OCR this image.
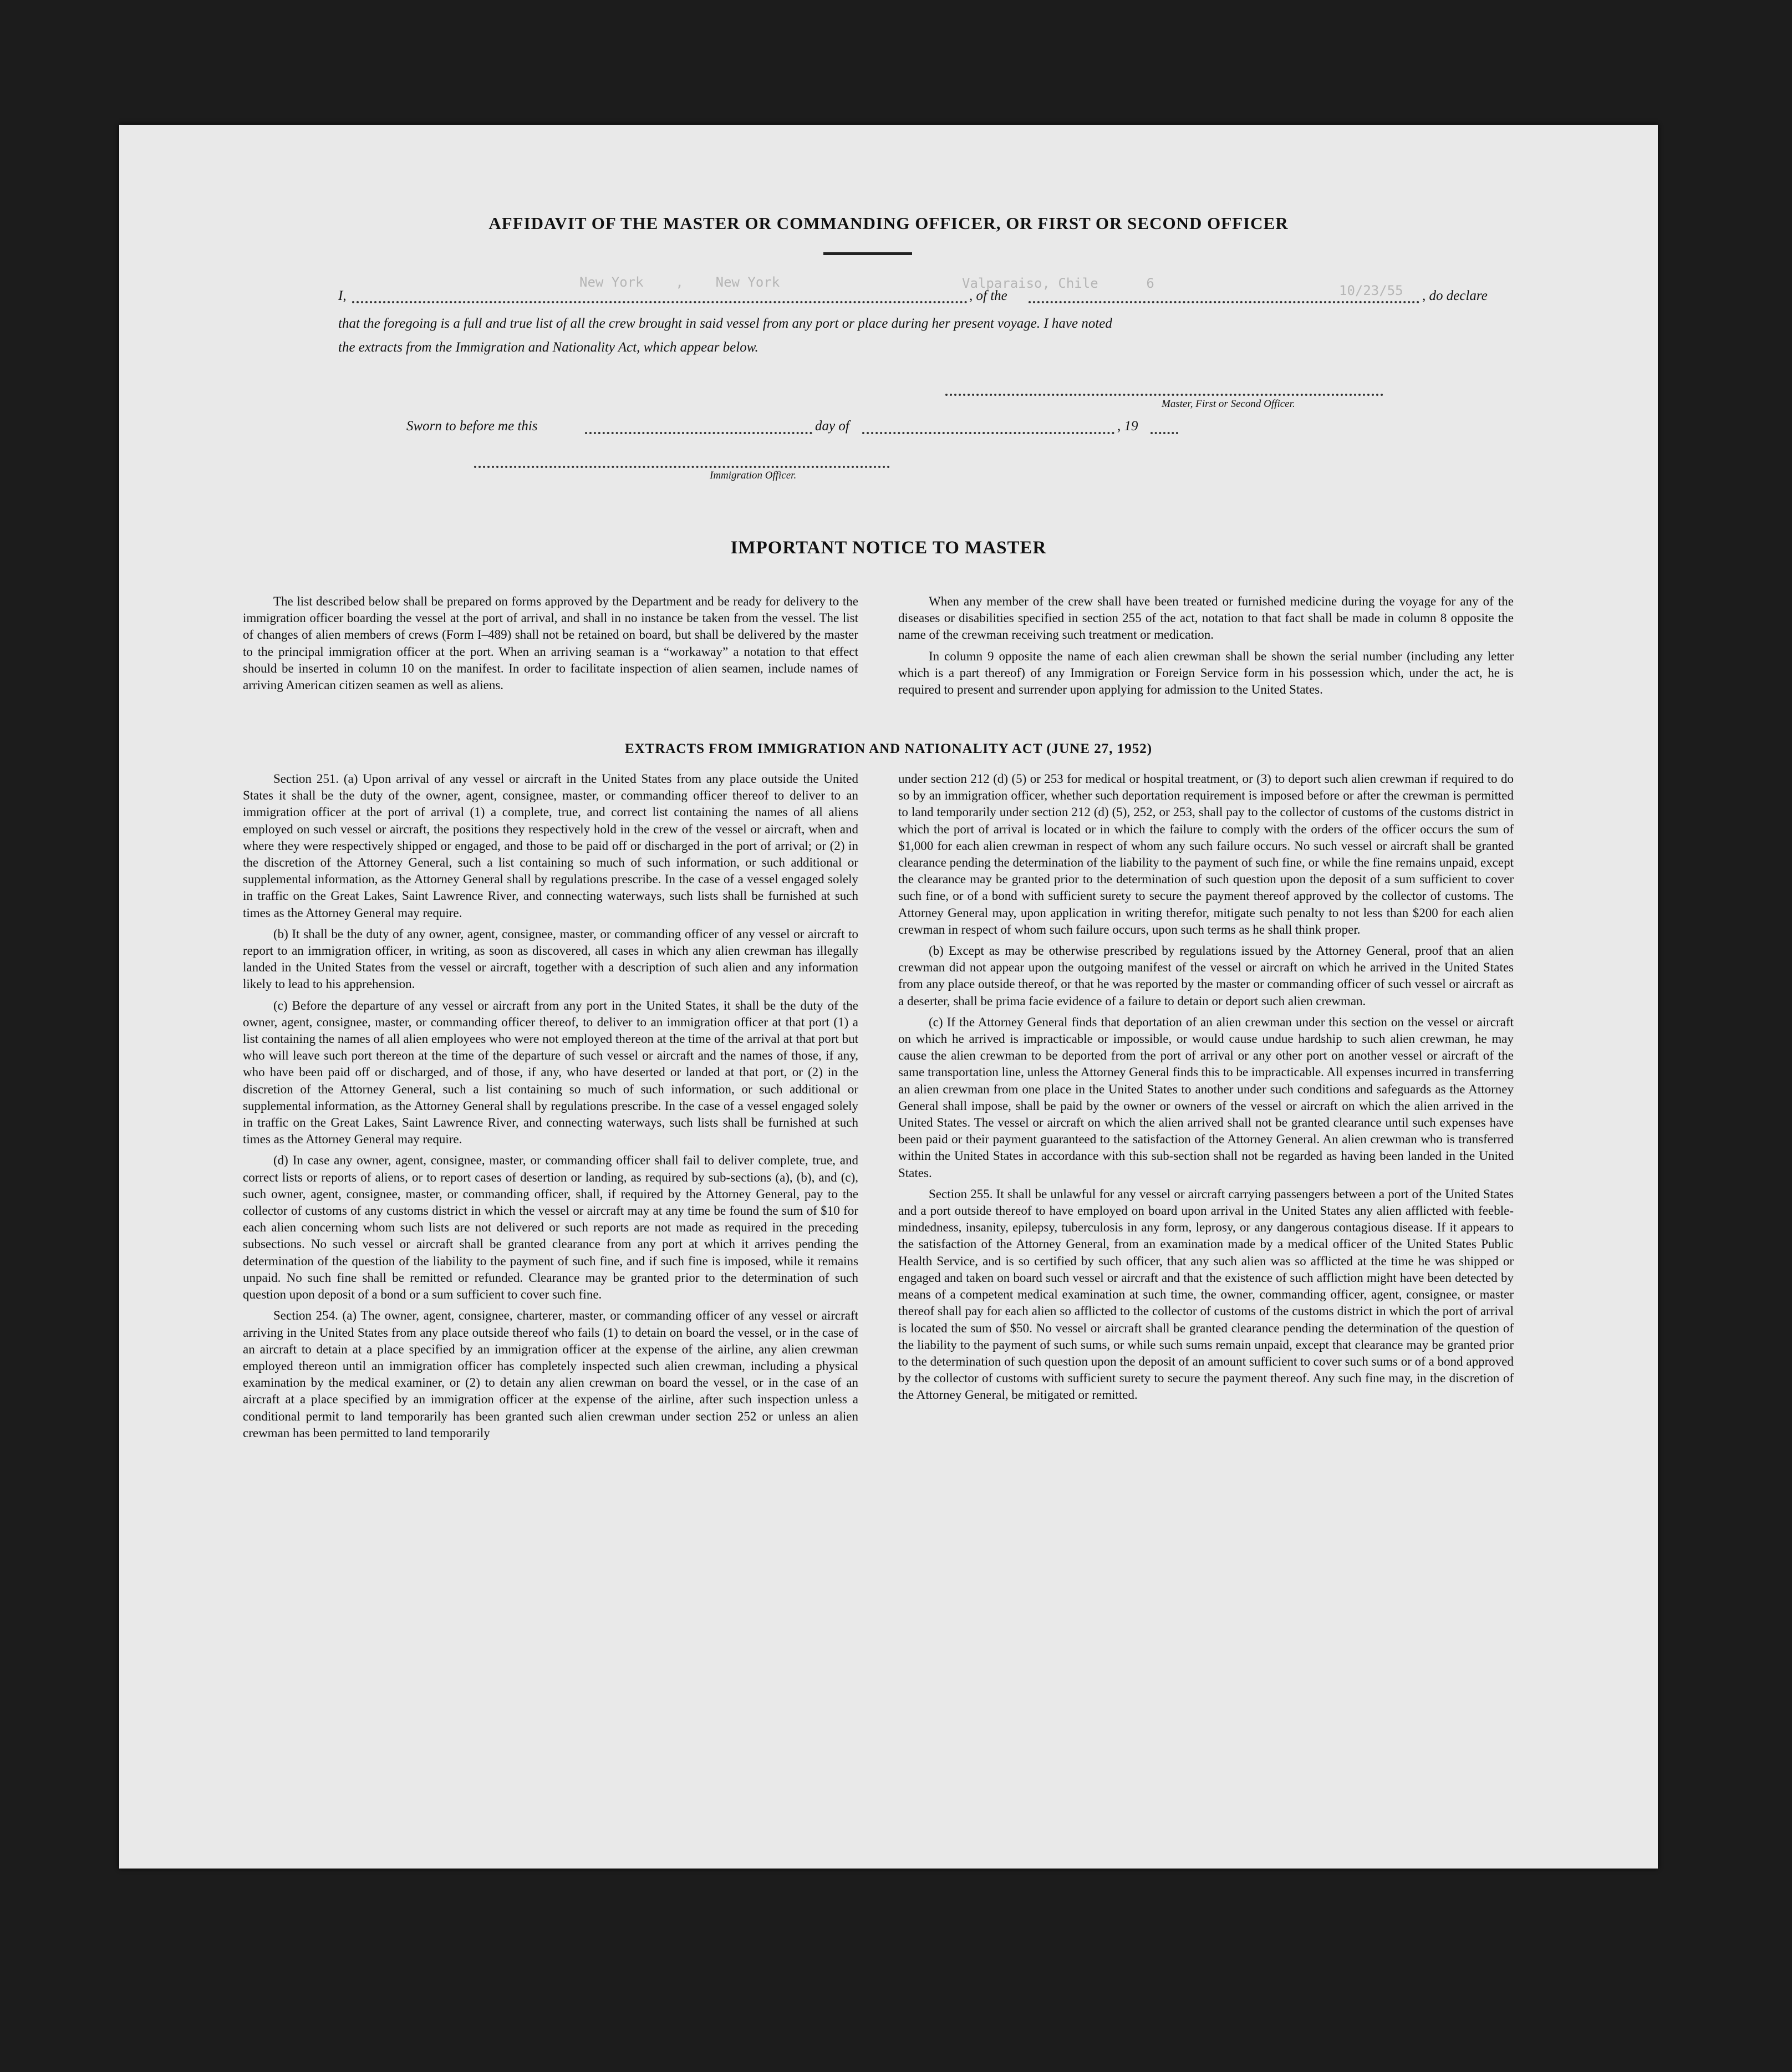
New York    ,    New York	Valparaiso, Chile      6	10/23/55
AFFIDAVIT OF THE MASTER OR COMMANDING OFFICER, OR FIRST OR SECOND OFFICER
I,	, of the	, do declare
that the foregoing is a full and true list of all the crew brought in said vessel from any port or place during her present voyage. I have noted
the extracts from the Immigration and Nationality Act, which appear below.
Master, First or Second Officer.
Sworn to before me this	day of	, 19
Immigration Officer.
IMPORTANT NOTICE TO MASTER

The list described below shall be prepared on forms approved by the Department and be ready for delivery to the immigration officer boarding the vessel at the port of arrival, and shall in no instance be taken from the vessel. The list of changes of alien members of crews (Form I–489) shall not be retained on board, but shall be delivered by the master to the principal immigration officer at the port. When an arriving seaman is a “workaway” a notation to that effect should be inserted in column 10 on the manifest. In order to facilitate inspection of alien seamen, include names of arriving American citizen seamen as well as aliens.

When any member of the crew shall have been treated or furnished medicine during the voyage for any of the diseases or disabilities specified in section 255 of the act, notation to that fact shall be made in column 8 opposite the name of the crewman receiving such treatment or medication.

In column 9 opposite the name of each alien crewman shall be shown the serial number (including any letter which is a part thereof) of any Immigration or Foreign Service form in his possession which, under the act, he is required to present and surrender upon applying for admission to the United States.

EXTRACTS FROM IMMIGRATION AND NATIONALITY ACT (JUNE 27, 1952)

Section 251. (a) Upon arrival of any vessel or aircraft in the United States from any place outside the United States it shall be the duty of the owner, agent, consignee, master, or commanding officer thereof to deliver to an immigration officer at the port of arrival (1) a complete, true, and correct list containing the names of all aliens employed on such vessel or aircraft, the positions they respectively hold in the crew of the vessel or aircraft, when and where they were respectively shipped or engaged, and those to be paid off or discharged in the port of arrival; or (2) in the discretion of the Attorney General, such a list containing so much of such information, or such additional or supplemental information, as the Attorney General shall by regulations prescribe. In the case of a vessel engaged solely in traffic on the Great Lakes, Saint Lawrence River, and connecting waterways, such lists shall be furnished at such times as the Attorney General may require.

(b) It shall be the duty of any owner, agent, consignee, master, or commanding officer of any vessel or aircraft to report to an immigration officer, in writing, as soon as discovered, all cases in which any alien crewman has illegally landed in the United States from the vessel or aircraft, together with a description of such alien and any information likely to lead to his apprehension.

(c) Before the departure of any vessel or aircraft from any port in the United States, it shall be the duty of the owner, agent, consignee, master, or commanding officer thereof, to deliver to an immigration officer at that port (1) a list containing the names of all alien employees who were not employed thereon at the time of the arrival at that port but who will leave such port thereon at the time of the departure of such vessel or aircraft and the names of those, if any, who have been paid off or discharged, and of those, if any, who have deserted or landed at that port, or (2) in the discretion of the Attorney General, such a list containing so much of such information, or such additional or supplemental information, as the Attorney General shall by regulations prescribe. In the case of a vessel engaged solely in traffic on the Great Lakes, Saint Lawrence River, and connecting waterways, such lists shall be furnished at such times as the Attorney General may require.

(d) In case any owner, agent, consignee, master, or commanding officer shall fail to deliver complete, true, and correct lists or reports of aliens, or to report cases of desertion or landing, as required by sub-sections (a), (b), and (c), such owner, agent, consignee, master, or commanding officer, shall, if required by the Attorney General, pay to the collector of customs of any customs district in which the vessel or aircraft may at any time be found the sum of $10 for each alien concerning whom such lists are not delivered or such reports are not made as required in the preceding subsections. No such vessel or aircraft shall be granted clearance from any port at which it arrives pending the determination of the question of the liability to the payment of such fine, and if such fine is imposed, while it remains unpaid. No such fine shall be remitted or refunded. Clearance may be granted prior to the determination of such question upon deposit of a bond or a sum sufficient to cover such fine.

Section 254. (a) The owner, agent, consignee, charterer, master, or commanding officer of any vessel or aircraft arriving in the United States from any place outside thereof who fails (1) to detain on board the vessel, or in the case of an aircraft to detain at a place specified by an immigration officer at the expense of the airline, any alien crewman employed thereon until an immigration officer has completely inspected such alien crewman, including a physical examination by the medical examiner, or (2) to detain any alien crewman on board the vessel, or in the case of an aircraft at a place specified by an immigration officer at the expense of the airline, after such inspection unless a conditional permit to land temporarily has been granted such alien crewman under section 252 or unless an alien crewman has been permitted to land temporarily

under section 212 (d) (5) or 253 for medical or hospital treatment, or (3) to deport such alien crewman if required to do so by an immigration officer, whether such deportation requirement is imposed before or after the crewman is permitted to land temporarily under section 212 (d) (5), 252, or 253, shall pay to the collector of customs of the customs district in which the port of arrival is located or in which the failure to comply with the orders of the officer occurs the sum of $1,000 for each alien crewman in respect of whom any such failure occurs. No such vessel or aircraft shall be granted clearance pending the determination of the liability to the payment of such fine, or while the fine remains unpaid, except the clearance may be granted prior to the determination of such question upon the deposit of a sum sufficient to cover such fine, or of a bond with sufficient surety to secure the payment thereof approved by the collector of customs. The Attorney General may, upon application in writing therefor, mitigate such penalty to not less than $200 for each alien crewman in respect of whom such failure occurs, upon such terms as he shall think proper.

(b) Except as may be otherwise prescribed by regulations issued by the Attorney General, proof that an alien crewman did not appear upon the outgoing manifest of the vessel or aircraft on which he arrived in the United States from any place outside thereof, or that he was reported by the master or commanding officer of such vessel or aircraft as a deserter, shall be prima facie evidence of a failure to detain or deport such alien crewman.

(c) If the Attorney General finds that deportation of an alien crewman under this section on the vessel or aircraft on which he arrived is impracticable or impossible, or would cause undue hardship to such alien crewman, he may cause the alien crewman to be deported from the port of arrival or any other port on another vessel or aircraft of the same transportation line, unless the Attorney General finds this to be impracticable. All expenses incurred in transferring an alien crewman from one place in the United States to another under such conditions and safeguards as the Attorney General shall impose, shall be paid by the owner or owners of the vessel or aircraft on which the alien arrived in the United States. The vessel or aircraft on which the alien arrived shall not be granted clearance until such expenses have been paid or their payment guaranteed to the satisfaction of the Attorney General. An alien crewman who is transferred within the United States in accordance with this sub-section shall not be regarded as having been landed in the United States.

Section 255. It shall be unlawful for any vessel or aircraft carrying passengers between a port of the United States and a port outside thereof to have employed on board upon arrival in the United States any alien afflicted with feeble-mindedness, insanity, epilepsy, tuberculosis in any form, leprosy, or any dangerous contagious disease. If it appears to the satisfaction of the Attorney General, from an examination made by a medical officer of the United States Public Health Service, and is so certified by such officer, that any such alien was so afflicted at the time he was shipped or engaged and taken on board such vessel or aircraft and that the existence of such affliction might have been detected by means of a competent medical examination at such time, the owner, commanding officer, agent, consignee, or master thereof shall pay for each alien so afflicted to the collector of customs of the customs district in which the port of arrival is located the sum of $50. No vessel or aircraft shall be granted clearance pending the determination of the question of the liability to the payment of such sums, or while such sums remain unpaid, except that clearance may be granted prior to the determination of such question upon the deposit of an amount sufficient to cover such sums or of a bond approved by the collector of customs with sufficient surety to secure the payment thereof. Any such fine may, in the discretion of the Attorney General, be mitigated or remitted.
